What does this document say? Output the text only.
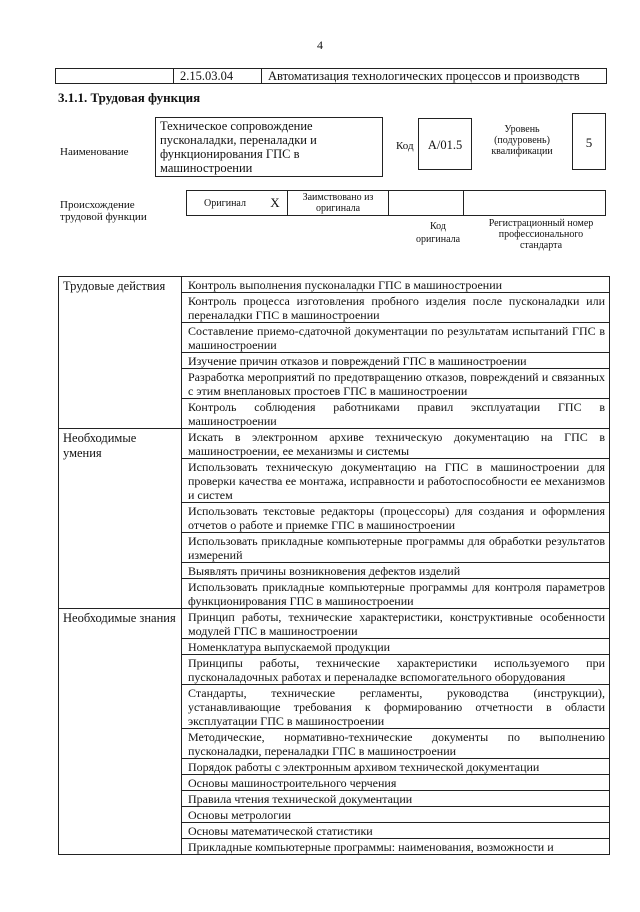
4
	2.15.03.04	Автоматизация технологических процессов и производств
3.1.1. Трудовая функция
Наименование
Техническое сопровождение пусконаладки, переналадки и функционирования ГПС в машиностроении
Код	А/01.5
Уровень (подуровень) квалификации
5
Происхождение трудовой функции
Оригинал	X	Заимствовано из оригинала		
Код оригинала
Регистрационный номер профессионального стандарта
Трудовые действия	Контроль выполнения пусконаладки ГПС в машиностроении
	Контроль процесса изготовления пробного изделия после пусконаладки или переналадки ГПС в машиностроении
	Составление приемо-сдаточной документации по результатам испытаний ГПС в машиностроении
	Изучение причин отказов и повреждений ГПС в машиностроении
	Разработка мероприятий по предотвращению отказов, повреждений и связанных с этим внеплановых простоев ГПС в машиностроении
	Контроль соблюдения работниками правил эксплуатации ГПС в машиностроении
Необходимые умения	Искать в электронном архиве техническую документацию на ГПС в машиностроении, ее механизмы и системы
	Использовать техническую документацию на ГПС в машиностроении для проверки качества ее монтажа, исправности и работоспособности ее механизмов и систем
	Использовать текстовые редакторы (процессоры) для создания и оформления отчетов о работе и приемке ГПС в машиностроении
	Использовать прикладные компьютерные программы для обработки результатов измерений
	Выявлять причины возникновения дефектов изделий
	Использовать прикладные компьютерные программы для контроля параметров функционирования ГПС в машиностроении
Необходимые знания	Принцип работы, технические характеристики, конструктивные особенности модулей ГПС в машиностроении
	Номенклатура выпускаемой продукции
	Принципы работы, технические характеристики используемого при пусконаладочных работах и переналадке вспомогательного оборудования
	Стандарты, технические регламенты, руководства (инструкции), устанавливающие требования к формированию отчетности в области эксплуатации ГПС в машиностроении
	Методические, нормативно-технические документы по выполнению пусконаладки, переналадки ГПС в машиностроении
	Порядок работы с электронным архивом технической документации
	Основы машиностроительного черчения
	Правила чтения технической документации
	Основы метрологии
	Основы математической статистики
	Прикладные компьютерные программы: наименования, возможности и
